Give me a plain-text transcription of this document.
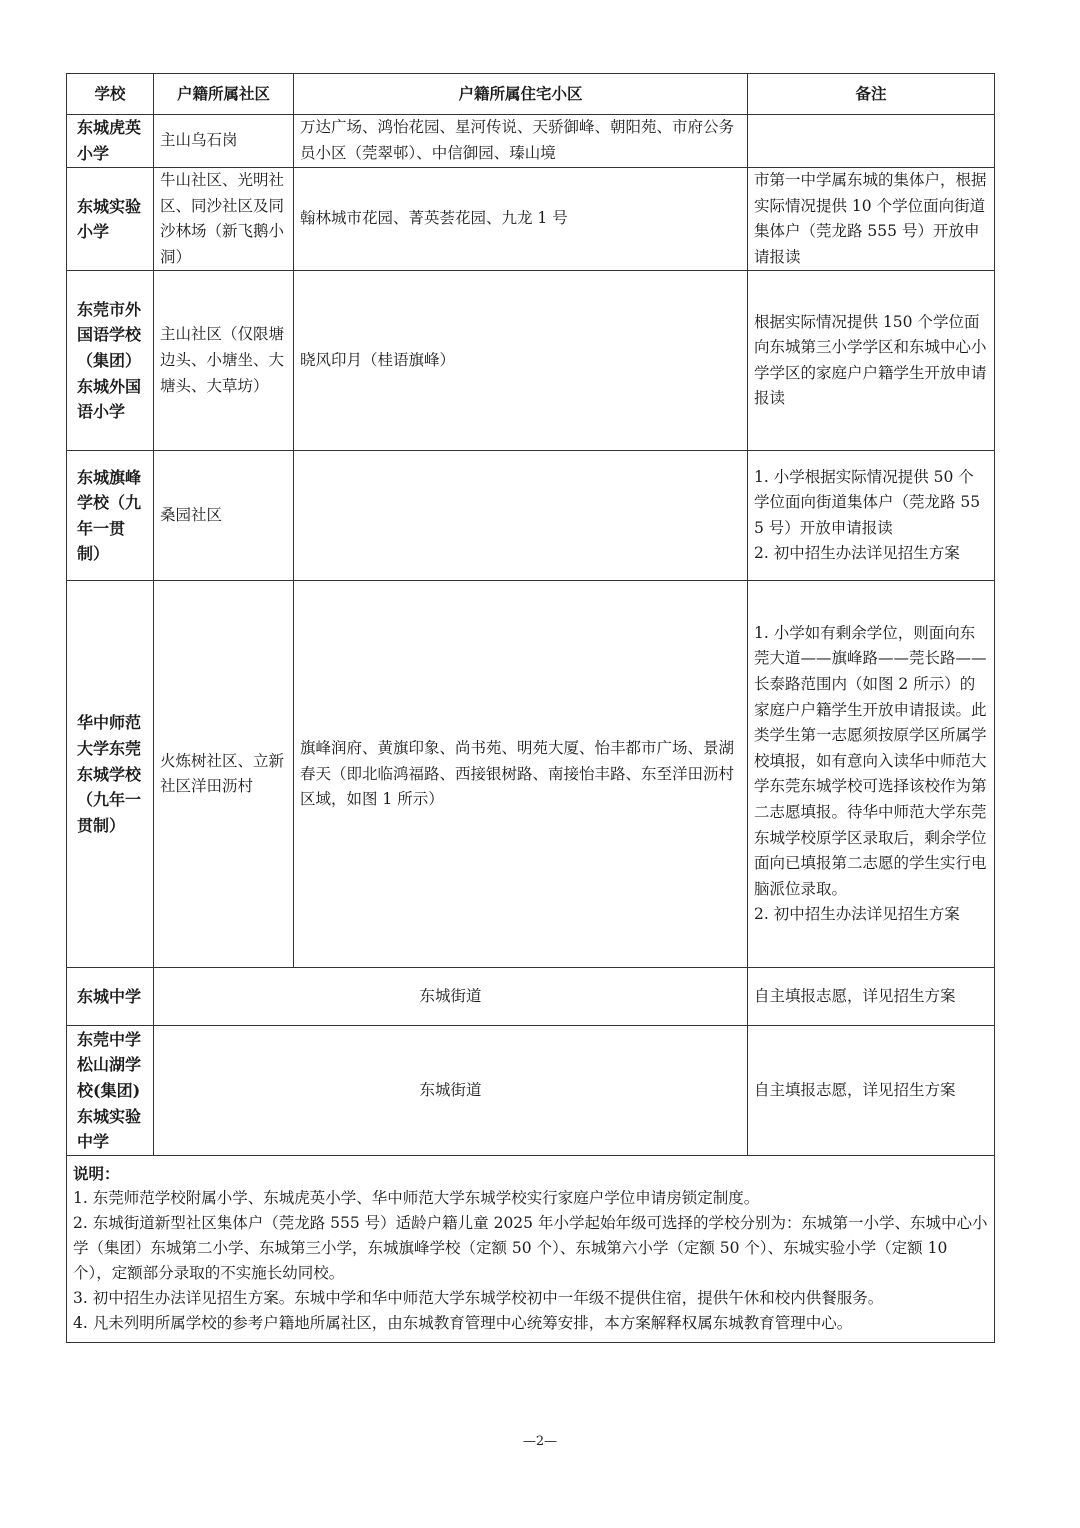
学校	户籍所属社区	户籍所属住宅小区	备注
东城虎英小学	主山乌石岗	万达广场、鸿怡花园、星河传说、天骄御峰、朝阳苑、市府公务员小区（莞翠邨）、中信御园、瑧山境	
东城实验小学	牛山社区、光明社区、同沙社区及同沙林场（新飞鹅小洞）	翰林城市花园、菁英荟花园、九龙 1 号	市第一中学属东城的集体户，根据实际情况提供 10 个学位面向街道集体户（莞龙路 555 号）开放申请报读
东莞市外国语学校（集团）东城外国语小学	主山社区（仅限塘边头、小塘坐、大塘头、大草坊）	晓风印月（桂语旗峰）	根据实际情况提供 150 个学位面向东城第三小学学区和东城中心小学学区的家庭户户籍学生开放申请报读
东城旗峰学校（九年一贯制）	桑园社区		1. 小学根据实际情况提供 50 个学位面向街道集体户（莞龙路 555 号）开放申请报读
2. 初中招生办法详见招生方案

华中师范大学东莞东城学校（九年一贯制）	火炼树社区、立新社区洋田沥村	旗峰润府、黄旗印象、尚书苑、明苑大厦、怡丰都市广场、景湖春天（即北临鸿福路、西接银树路、南接怡丰路、东至洋田沥村区域，如图 1 所示）	1. 小学如有剩余学位，则面向东莞大道——旗峰路——莞长路——长泰路范围内（如图 2 所示）的家庭户户籍学生开放申请报读。此类学生第一志愿须按原学区所属学校填报，如有意向入读华中师范大学东莞东城学校可选择该校作为第二志愿填报。待华中师范大学东莞东城学校原学区录取后，剩余学位面向已填报第二志愿的学生实行电脑派位录取。
2. 初中招生办法详见招生方案

东城中学	东城街道		自主填报志愿，详见招生方案
东莞中学松山湖学校(集团)东城实验中学	东城街道		自主填报志愿，详见招生方案

说明：
1. 东莞师范学校附属小学、东城虎英小学、华中师范大学东城学校实行家庭户学位申请房锁定制度。
2. 东城街道新型社区集体户（莞龙路 555 号）适龄户籍儿童 2025 年小学起始年级可选择的学校分别为：东城第一小学、东城中心小学（集团）东城第二小学、东城第三小学，东城旗峰学校（定额 50 个）、东城第六小学（定额 50 个）、东城实验小学（定额 10 个），定额部分录取的不实施长幼同校。
3. 初中招生办法详见招生方案。东城中学和华中师范大学东城学校初中一年级不提供住宿，提供午休和校内供餐服务。
4. 凡未列明所属学校的参考户籍地所属社区，由东城教育管理中心统筹安排，本方案解释权属东城教育管理中心。			
—2—
